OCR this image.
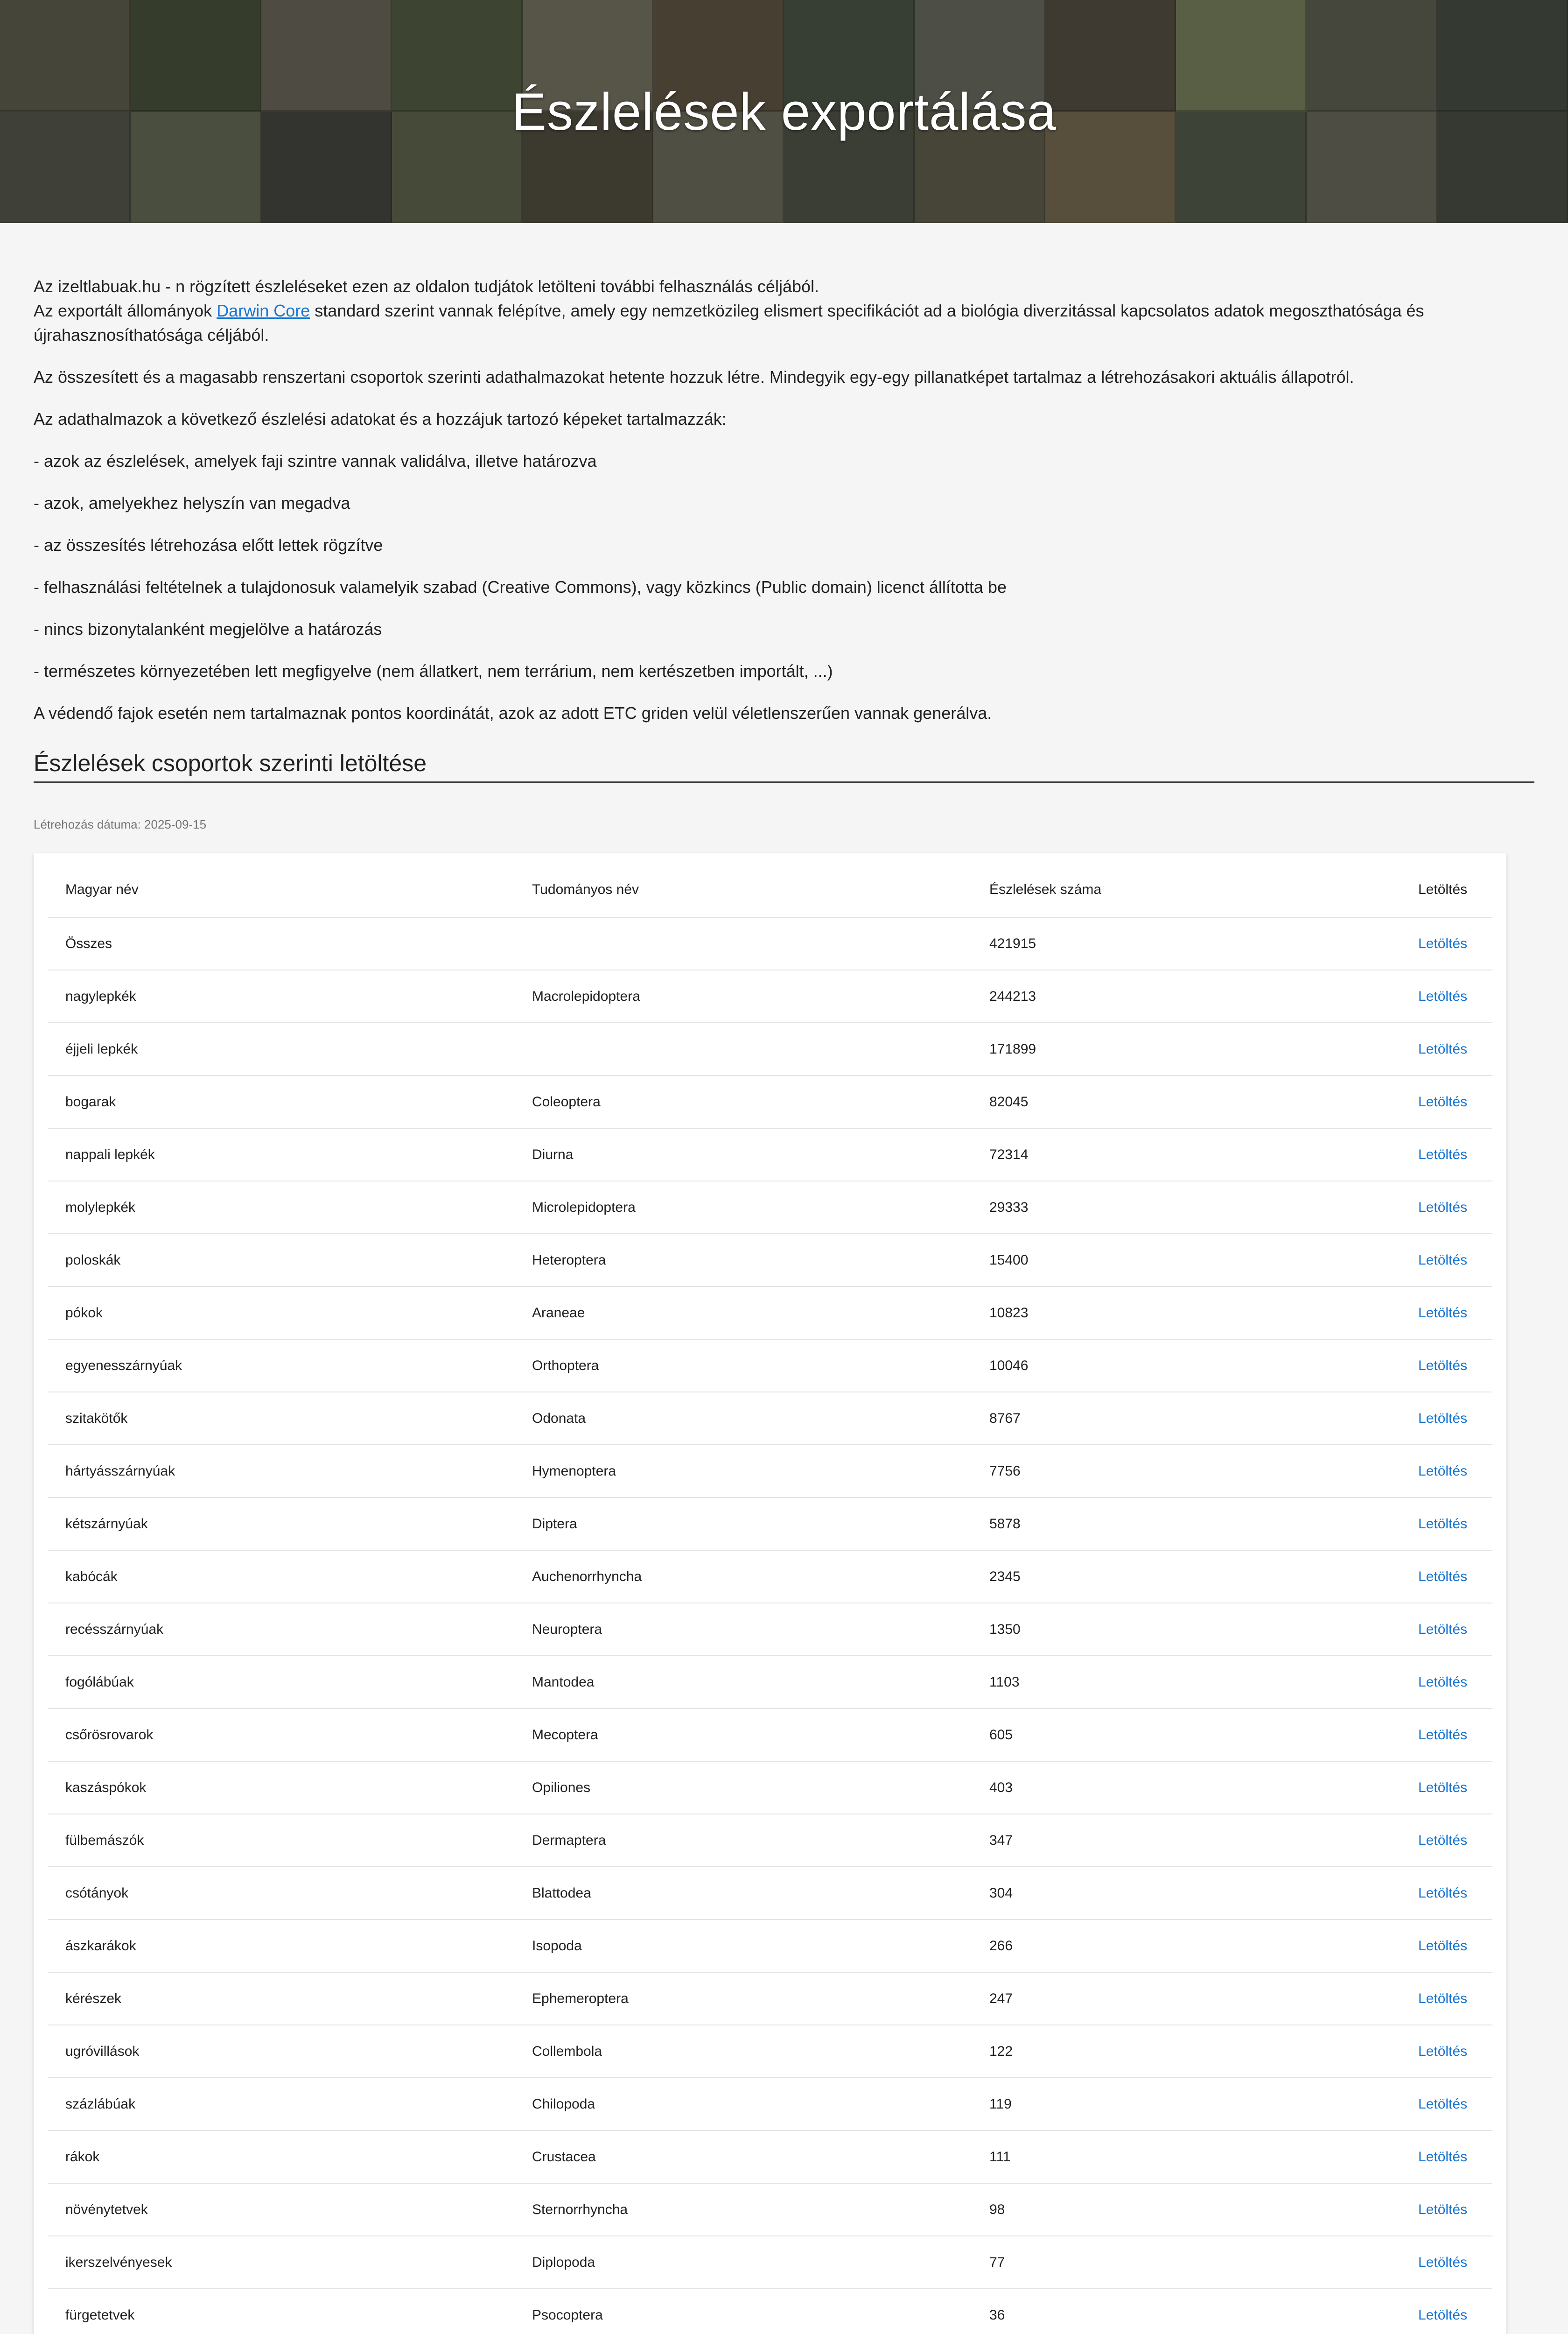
Észlelések exportálása

Az izeltlabuak.hu - n rögzített észleléseket ezen az oldalon tudjátok letölteni további felhasználás céljából.
Az exportált állományok Darwin Core standard szerint vannak felépítve, amely egy nemzetközileg elismert specifikációt ad a biológia diverzitással kapcsolatos adatok megoszthatósága és újrahasznosíthatósága céljából.

Az összesített és a magasabb renszertani csoportok szerinti adathalmazokat hetente hozzuk létre. Mindegyik egy-egy pillanatképet tartalmaz a létrehozásakori aktuális állapotról.

Az adathalmazok a következő észlelési adatokat és a hozzájuk tartozó képeket tartalmazzák:

- azok az észlelések, amelyek faji szintre vannak validálva, illetve határozva

- azok, amelyekhez helyszín van megadva

- az összesítés létrehozása előtt lettek rögzítve

- felhasználási feltételnek a tulajdonosuk valamelyik szabad (Creative Commons), vagy közkincs (Public domain) licenct állította be

- nincs bizonytalanként megjelölve a határozás

- természetes környezetében lett megfigyelve (nem állatkert, nem terrárium, nem kertészetben importált, ...)

A védendő fajok esetén nem tartalmaznak pontos koordinátát, azok az adott ETC griden velül véletlenszerűen vannak generálva.

Észlelések csoportok szerinti letöltése

Létrehozás dátuma: 2025-09-15

Magyar név	Tudományos név	Észlelések száma	Letöltés
Összes		421915	Letöltés
nagylepkék	Macrolepidoptera	244213	Letöltés
éjjeli lepkék		171899	Letöltés
bogarak	Coleoptera	82045	Letöltés
nappali lepkék	Diurna	72314	Letöltés
molylepkék	Microlepidoptera	29333	Letöltés
poloskák	Heteroptera	15400	Letöltés
pókok	Araneae	10823	Letöltés
egyenesszárnyúak	Orthoptera	10046	Letöltés
szitakötők	Odonata	8767	Letöltés
hártyásszárnyúak	Hymenoptera	7756	Letöltés
kétszárnyúak	Diptera	5878	Letöltés
kabócák	Auchenorrhyncha	2345	Letöltés
recésszárnyúak	Neuroptera	1350	Letöltés
fogólábúak	Mantodea	1103	Letöltés
csőrösrovarok	Mecoptera	605	Letöltés
kaszáspókok	Opiliones	403	Letöltés
fülbemászók	Dermaptera	347	Letöltés
csótányok	Blattodea	304	Letöltés
ászkarákok	Isopoda	266	Letöltés
kérészek	Ephemeroptera	247	Letöltés
ugróvillások	Collembola	122	Letöltés
százlábúak	Chilopoda	119	Letöltés
rákok	Crustacea	111	Letöltés
növénytetvek	Sternorrhyncha	98	Letöltés
ikerszelvényesek	Diplopoda	77	Letöltés
fürgetetvek	Psocoptera	36	Letöltés
